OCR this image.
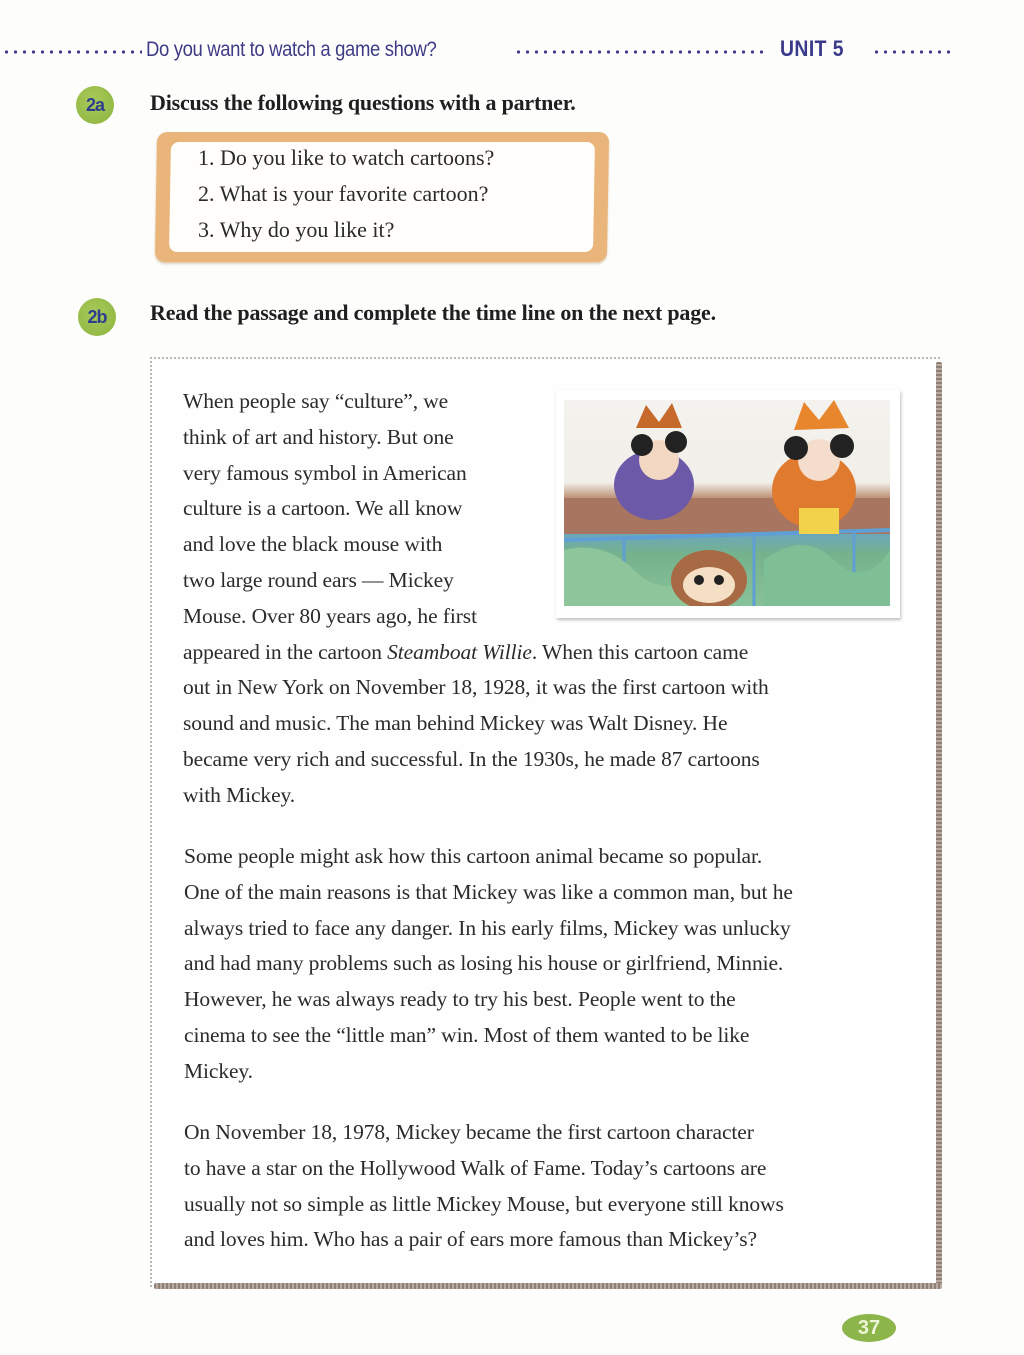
Do you want to watch a game show?	UNIT 5
2a	Discuss the following questions with a partner.
1. Do you like to watch cartoons?
2. What is your favorite cartoon?
3. Why do you like it?
2b	Read the passage and complete the time line on the next page.
When people say “culture”, we
think of art and history. But one
very famous symbol in American
culture is a cartoon. We all know
and love the black mouse with
two large round ears — Mickey
Mouse. Over 80 years ago, he first
appeared in the cartoon Steamboat Willie. When this cartoon came
out in New York on November 18, 1928, it was the first cartoon with
sound and music. The man behind Mickey was Walt Disney. He
became very rich and successful. In the 1930s, he made 87 cartoons
with Mickey.
Some people might ask how this cartoon animal became so popular.
One of the main reasons is that Mickey was like a common man, but he
always tried to face any danger. In his early films, Mickey was unlucky
and had many problems such as losing his house or girlfriend, Minnie.
However, he was always ready to try his best. People went to the
cinema to see the “little man” win. Most of them wanted to be like
Mickey.
On November 18, 1978, Mickey became the first cartoon character
to have a star on the Hollywood Walk of Fame. Today’s cartoons are
usually not so simple as little Mickey Mouse, but everyone still knows
and loves him. Who has a pair of ears more famous than Mickey’s?
37
